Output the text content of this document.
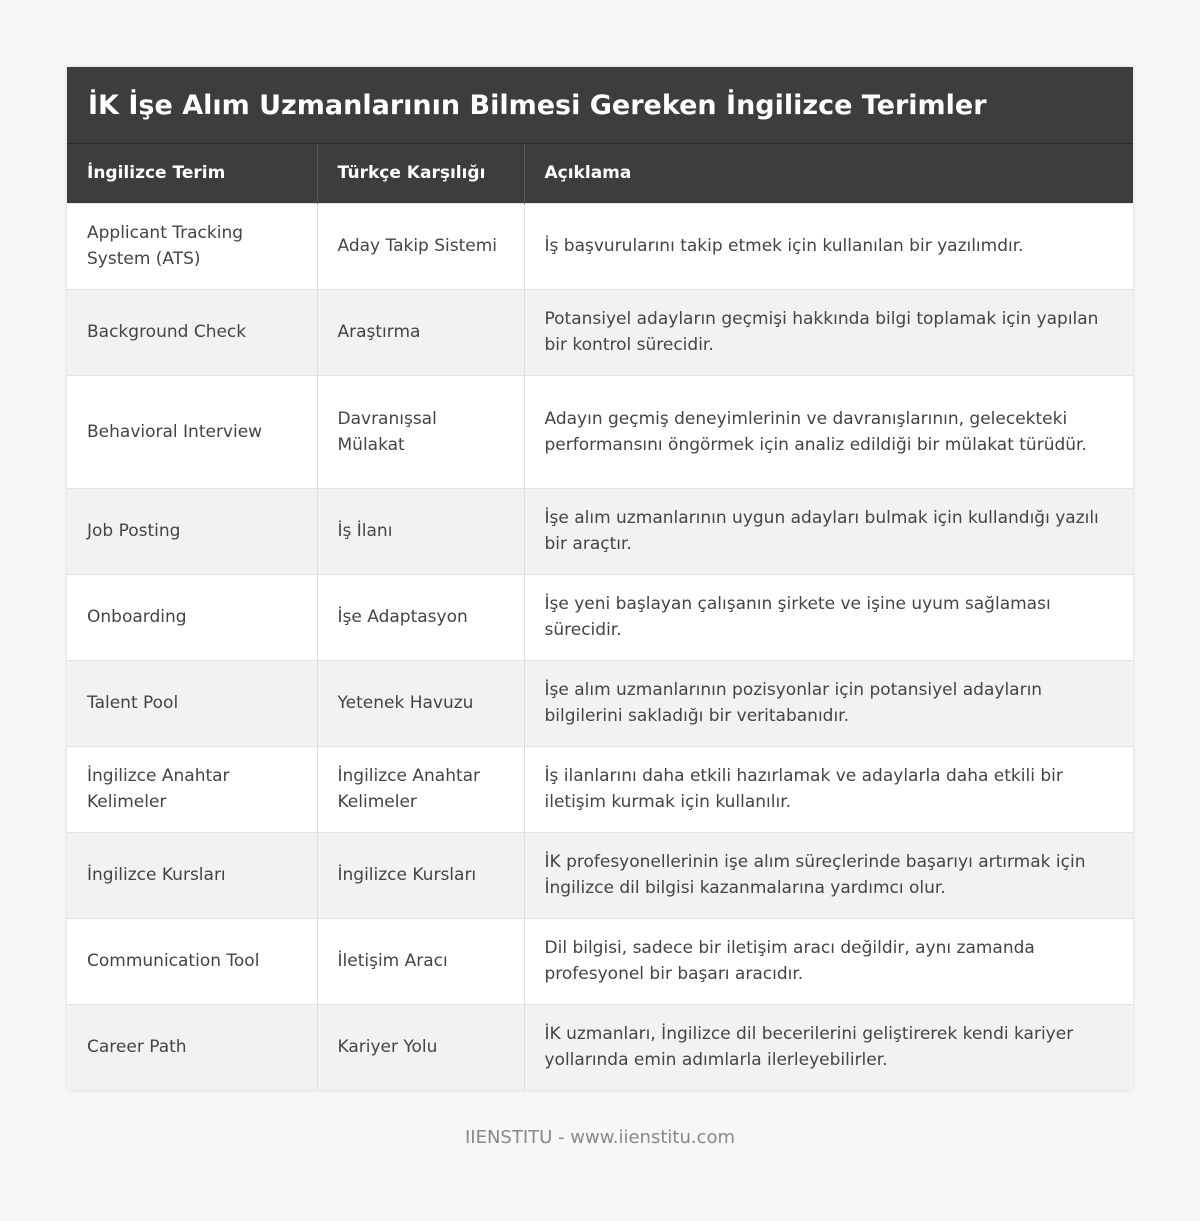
İK İşe Alım Uzmanlarının Bilmesi Gereken İngilizce Terimler
İngilizce Terim	Türkçe Karşılığı	Açıklama
Applicant Tracking System (ATS)	Aday Takip Sistemi	İş başvurularını takip etmek için kullanılan bir yazılımdır.
Background Check	Araştırma	Potansiyel adayların geçmişi hakkında bilgi toplamak için yapılan bir kontrol sürecidir.
Behavioral Interview	Davranışsal Mülakat	Adayın geçmiş deneyimlerinin ve davranışlarının, gelecekteki performansını öngörmek için analiz edildiği bir mülakat türüdür.
Job Posting	İş İlanı	İşe alım uzmanlarının uygun adayları bulmak için kullandığı yazılı bir araçtır.
Onboarding	İşe Adaptasyon	İşe yeni başlayan çalışanın şirkete ve işine uyum sağlaması sürecidir.
Talent Pool	Yetenek Havuzu	İşe alım uzmanlarının pozisyonlar için potansiyel adayların bilgilerini sakladığı bir veritabanıdır.
İngilizce Anahtar Kelimeler	İngilizce Anahtar Kelimeler	İş ilanlarını daha etkili hazırlamak ve adaylarla daha etkili bir iletişim kurmak için kullanılır.
İngilizce Kursları	İngilizce Kursları	İK profesyonellerinin işe alım süreçlerinde başarıyı artırmak için İngilizce dil bilgisi kazanmalarına yardımcı olur.
Communication Tool	İletişim Aracı	Dil bilgisi, sadece bir iletişim aracı değildir, aynı zamanda profesyonel bir başarı aracıdır.
Career Path	Kariyer Yolu	İK uzmanları, İngilizce dil becerilerini geliştirerek kendi kariyer yollarında emin adımlarla ilerleyebilirler.
IIENSTITU - www.iienstitu.com
